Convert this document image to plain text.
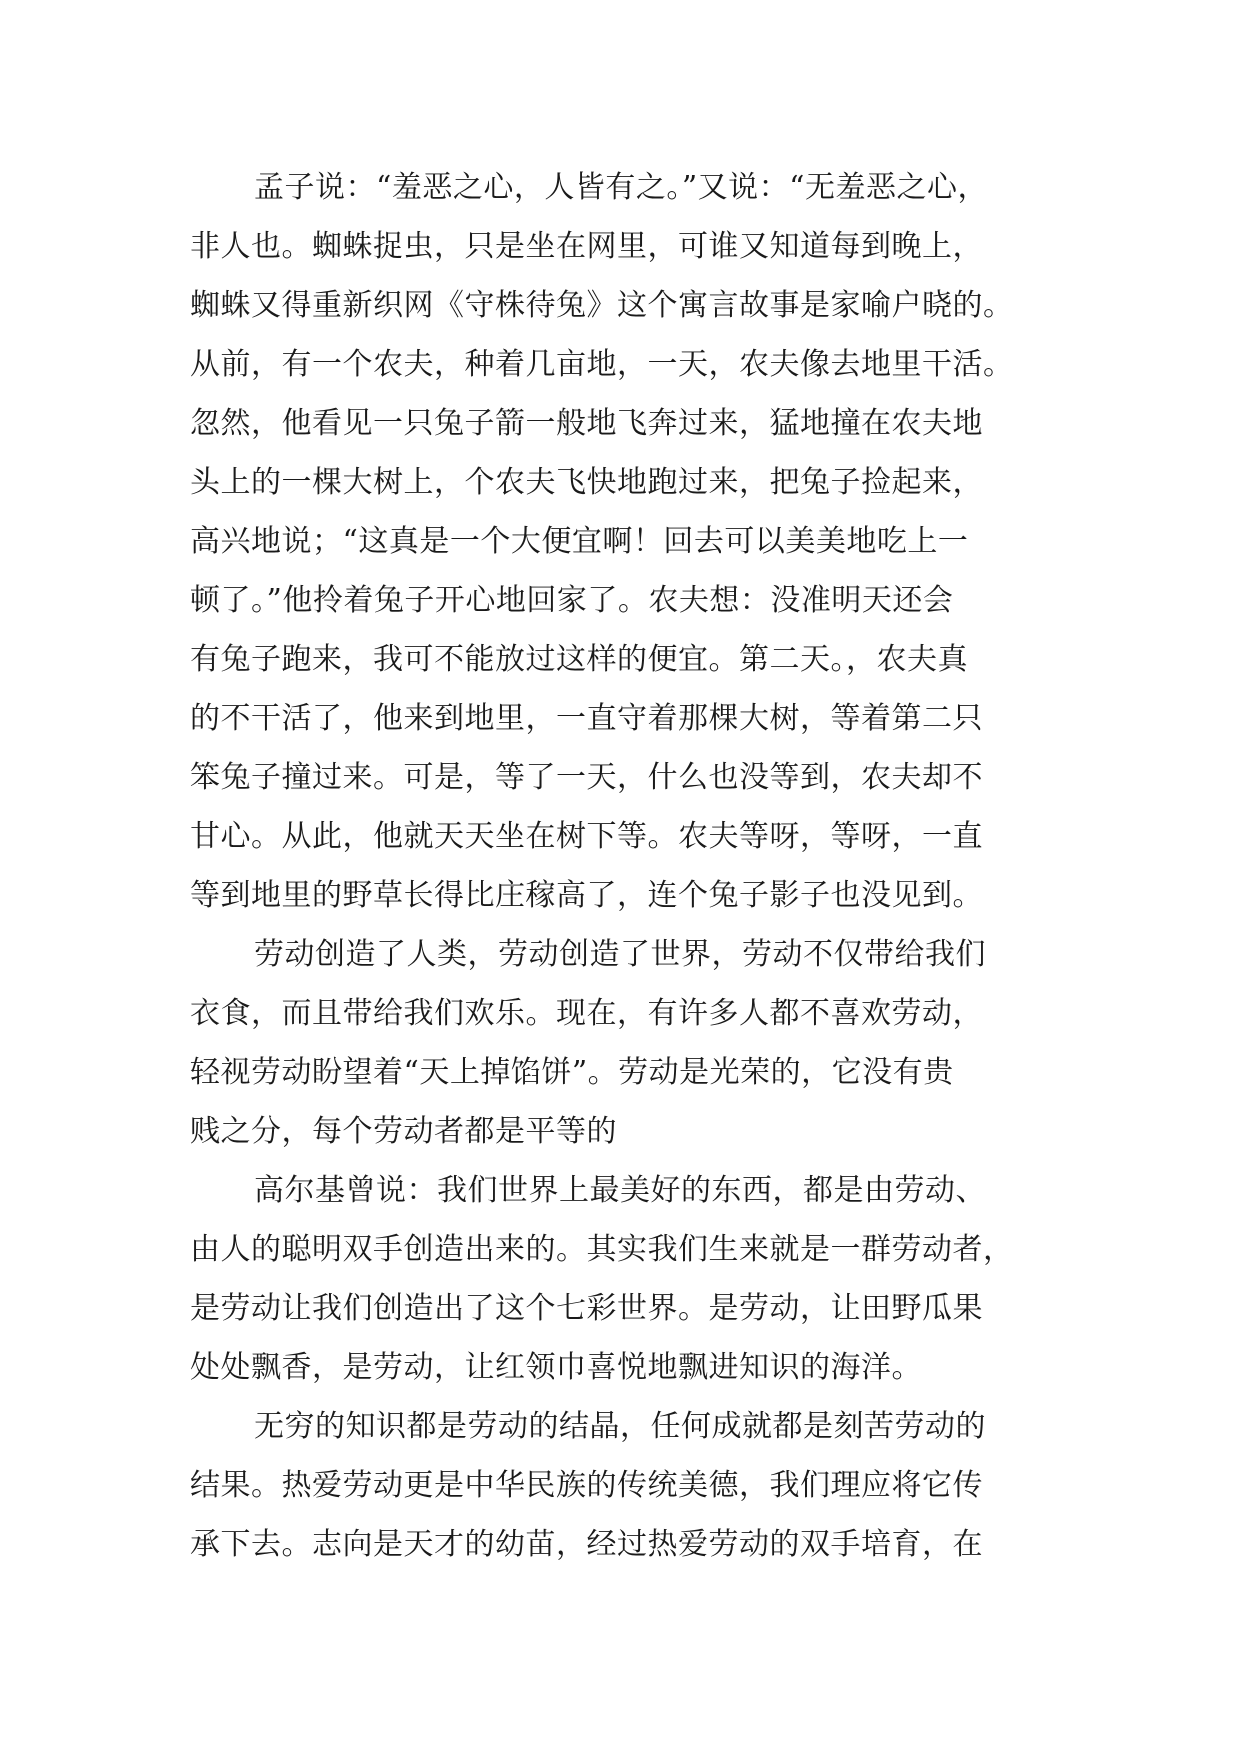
孟子说：“羞恶之心，人皆有之。”又说：“无羞恶之心，
非人也。蜘蛛捉虫，只是坐在网里，可谁又知道每到晚上，
蜘蛛又得重新织网《守株待兔》这个寓言故事是家喻户晓的。
从前，有一个农夫，种着几亩地，一天，农夫像去地里干活。
忽然，他看见一只兔子箭一般地飞奔过来，猛地撞在农夫地
头上的一棵大树上，个农夫飞快地跑过来，把兔子捡起来，
高兴地说；“这真是一个大便宜啊！回去可以美美地吃上一
顿了。”他拎着兔子开心地回家了。农夫想：没准明天还会
有兔子跑来，我可不能放过这样的便宜。第二天。，农夫真
的不干活了，他来到地里，一直守着那棵大树，等着第二只
笨兔子撞过来。可是，等了一天，什么也没等到，农夫却不
甘心。从此，他就天天坐在树下等。农夫等呀，等呀，一直
等到地里的野草长得比庄稼高了，连个兔子影子也没见到。
劳动创造了人类，劳动创造了世界，劳动不仅带给我们
衣食，而且带给我们欢乐。现在，有许多人都不喜欢劳动，
轻视劳动盼望着“天上掉馅饼”。劳动是光荣的，它没有贵
贱之分，每个劳动者都是平等的
高尔基曾说：我们世界上最美好的东西，都是由劳动、
由人的聪明双手创造出来的。其实我们生来就是一群劳动者，
是劳动让我们创造出了这个七彩世界。是劳动，让田野瓜果
处处飘香，是劳动，让红领巾喜悦地飘进知识的海洋。
无穷的知识都是劳动的结晶，任何成就都是刻苦劳动的
结果。热爱劳动更是中华民族的传统美德，我们理应将它传
承下去。志向是天才的幼苗，经过热爱劳动的双手培育，在
